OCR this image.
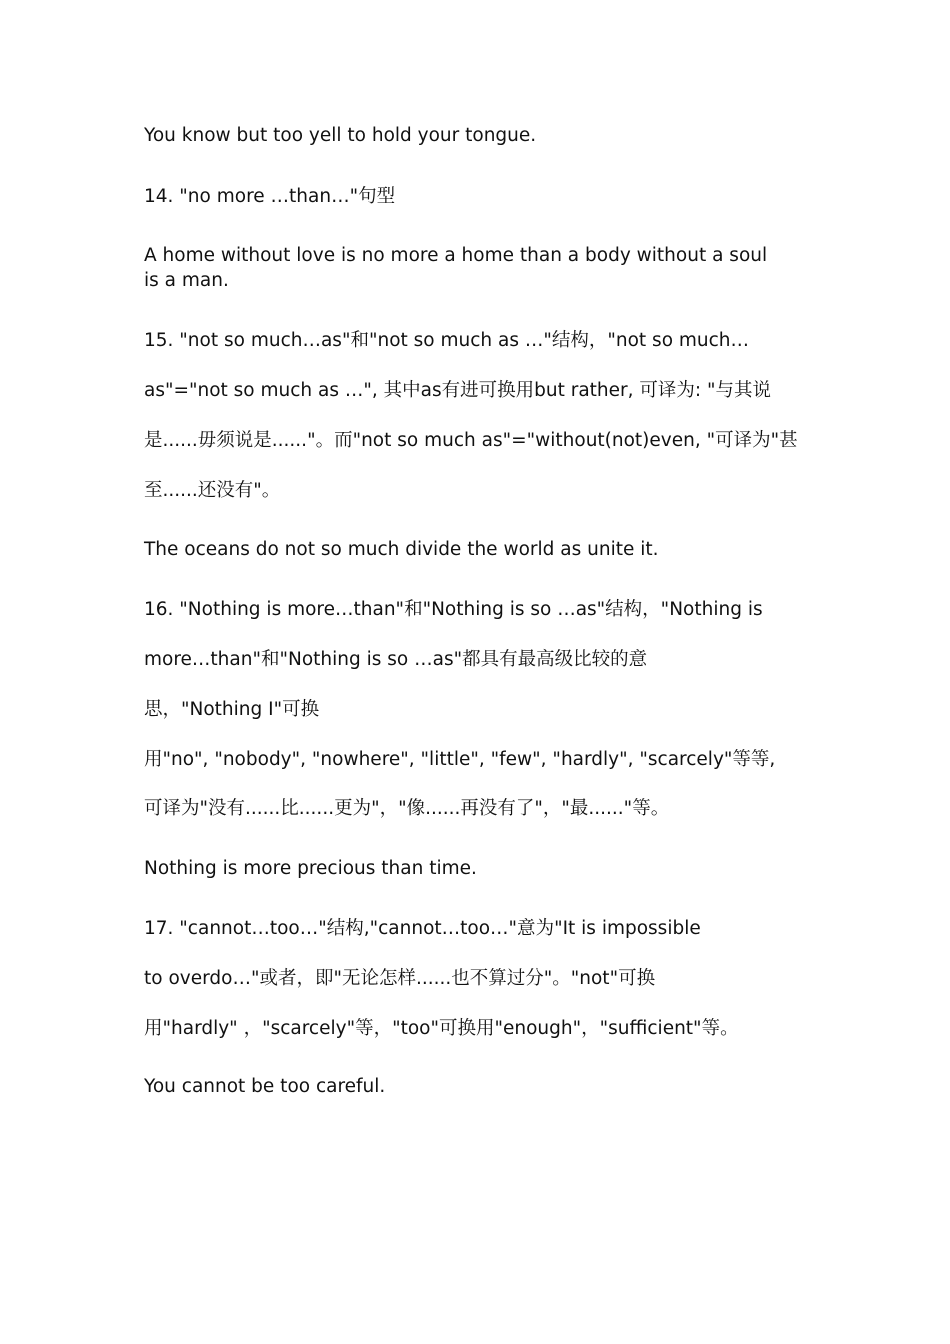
You know but too yell to hold your tongue.
14. "no more …than…"句型
A home without love is no more a home than a body without a soul
is a man.
15. "not so much…as"和"not so much as …"结构，"not so much…
as"="not so much as …", 其中as有进可换用but rather, 可译为: "与其说
是......毋须说是......"。而"not so much as"="without(not)even, "可译为"甚
至......还没有"。
The oceans do not so much divide the world as unite it.
16. "Nothing is more…than"和"Nothing is so …as"结构，"Nothing is
more…than"和"Nothing is so …as"都具有最高级比较的意
思，"Nothing I"可换
用"no", "nobody", "nowhere", "little", "few", "hardly", "scarcely"等等,
可译为"没有......比......更为"，"像......再没有了"，"最......"等。
Nothing is more precious than time.
17. "cannot…too…"结构,"cannot…too…"意为"It is impossible
to overdo…"或者，即"无论怎样......也不算过分"。"not"可换
用"hardly" ，"scarcely"等，"too"可换用"enough"，"sufficient"等。
You cannot be too careful.
